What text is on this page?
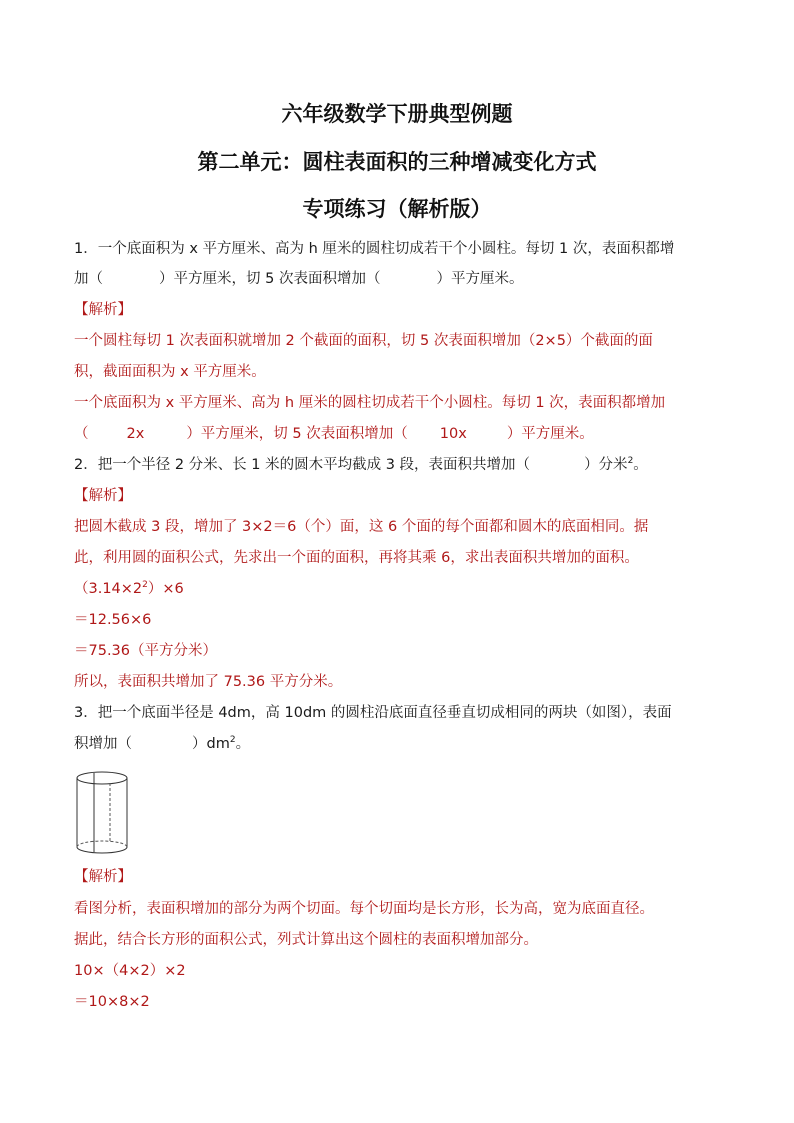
六年级数学下册典型例题
第二单元：圆柱表面积的三种增减变化方式
专项练习（解析版）
1．一个底面积为 x 平方厘米、高为 h 厘米的圆柱切成若干个小圆柱。每切 1 次，表面积都增
加（	）平方厘米，切 5 次表面积增加（	）平方厘米。
【解析】
一个圆柱每切 1 次表面积就增加 2 个截面的面积，切 5 次表面积增加（2×5）个截面的面
积，截面面积为 x 平方厘米。
一个底面积为 x 平方厘米、高为 h 厘米的圆柱切成若干个小圆柱。每切 1 次，表面积都增加
（	2x	）平方厘米，切 5 次表面积增加（ 10x	）平方厘米。
2．把一个半径 2 分米、长 1 米的圆木平均截成 3 段，表面积共增加（	）分米$^2$。
【解析】
把圆木截成 3 段，增加了 3×2＝6（个）面，这 6 个面的每个面都和圆木的底面相同。据
此，利用圆的面积公式，先求出一个面的面积，再将其乘 6，求出表面积共增加的面积。
$(3.14\times 2^2)\times 6$
＝12.56×6
＝75.36（平方分米）
所以，表面积共增加了 75.36 平方分米。
3．把一个底面半径是 4dm，高 10dm 的圆柱沿底面直径垂直切成相同的两块（如图），表面
积增加（	）$dm^2$。
【解析】
看图分析，表面积增加的部分为两个切面。每个切面均是长方形，长为高，宽为底面直径。
据此，结合长方形的面积公式，列式计算出这个圆柱的表面积增加部分。
10×（4×2）×2
＝10×8×2
